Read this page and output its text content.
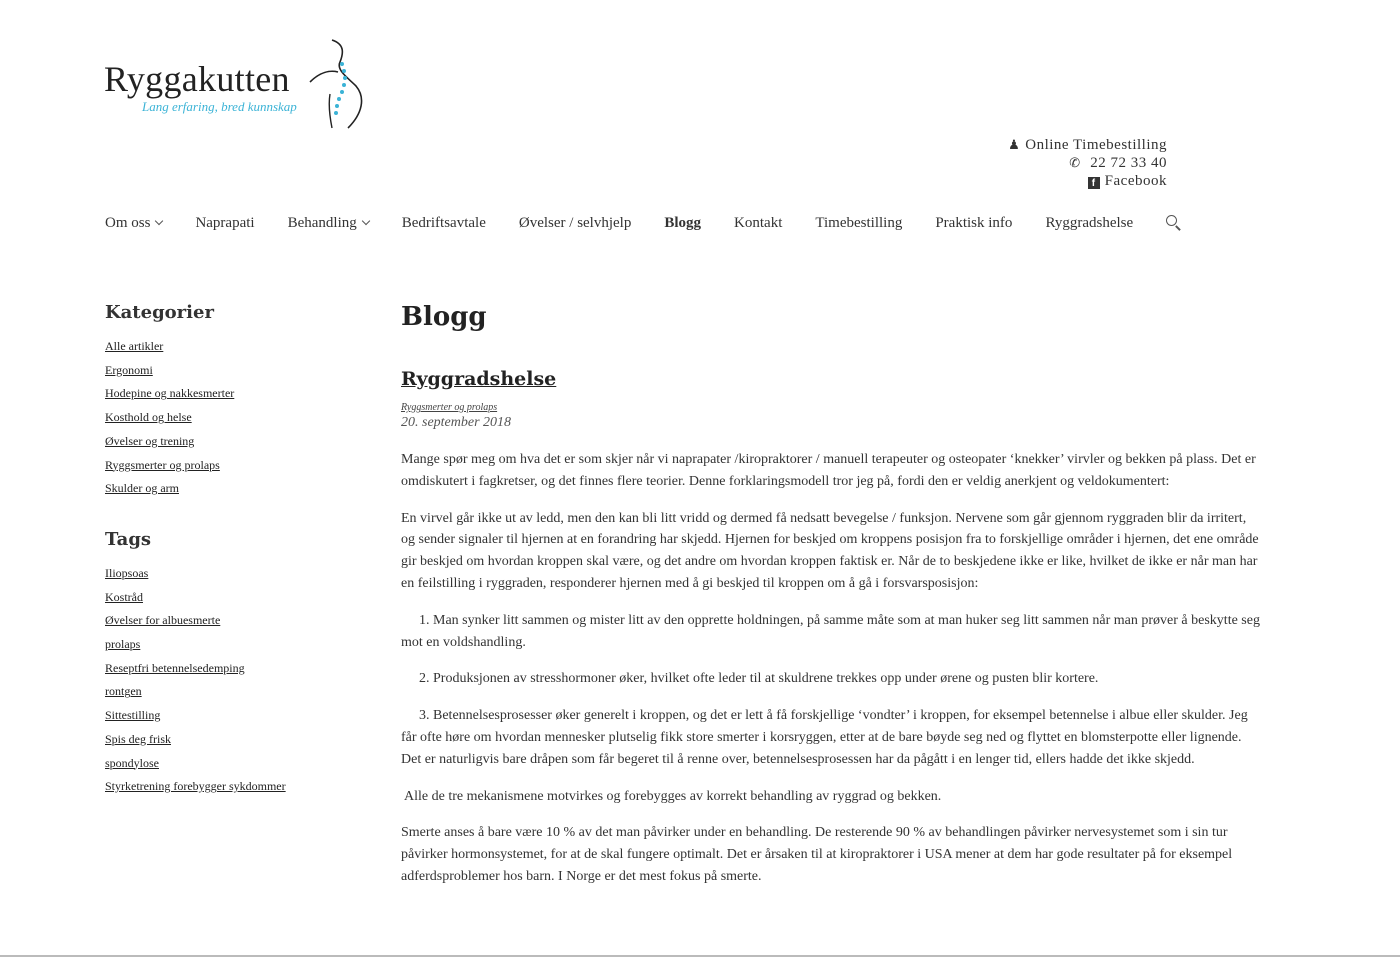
Ryggakutten
Lang erfaring, bred kunnskap
♟ Online Timebestilling
✆ 22 72 33 40
f Facebook
Om oss	Naprapati Behandling	Bedriftsavtale Øvelser / selvhjelp Blogg Kontakt Timebestilling Praktisk info Ryggradshelse
Kategorier
Alle artikler
Ergonomi
Hodepine og nakkesmerter
Kosthold og helse
Øvelser og trening
Ryggsmerter og prolaps
Skulder og arm
Tags
Iliopsoas
Kostråd
Øvelser for albuesmerte
prolaps
Reseptfri betennelsedemping
rontgen
Sittestilling
Spis deg frisk
spondylose
Styrketrening forebygger sykdommer
Blogg
Ryggradshelse
Ryggsmerter og prolaps
20. september 2018

Mange spør meg om hva det er som skjer når vi naprapater /kiropraktorer / manuell terapeuter og osteopater ‘knekker’ virvler og bekken på plass. Det er omdiskutert i fagkretser, og det finnes flere teorier. Denne forklaringsmodell tror jeg på, fordi den er veldig anerkjent og veldokumentert:

En virvel går ikke ut av ledd, men den kan bli litt vridd og dermed få nedsatt bevegelse / funksjon. Nervene som går gjennom ryggraden blir da irritert, og sender signaler til hjernen at en forandring har skjedd. Hjernen for beskjed om kroppens posisjon fra to forskjellige områder i hjernen, det ene område gir beskjed om hvordan kroppen skal være, og det andre om hvordan kroppen faktisk er. Når de to beskjedene ikke er like, hvilket de ikke er når man har en feilstilling i ryggraden, responderer hjernen med å gi beskjed til kroppen om å gå i forsvarsposisjon:

1. Man synker litt sammen og mister litt av den opprette holdningen, på samme måte som at man huker seg litt sammen når man prøver å beskytte seg mot en voldshandling.

2. Produksjonen av stresshormoner øker, hvilket ofte leder til at skuldrene trekkes opp under ørene og pusten blir kortere.

3. Betennelsesprosesser øker generelt i kroppen, og det er lett å få forskjellige ‘vondter’ i kroppen, for eksempel betennelse i albue eller skulder. Jeg får ofte høre om hvordan mennesker plutselig fikk store smerter i korsryggen, etter at de bare bøyde seg ned og flyttet en blomsterpotte eller lignende. Det er naturligvis bare dråpen som får begeret til å renne over, betennelsesprosessen har da pågått i en lenger tid, ellers hadde det ikke skjedd.

Alle de tre mekanismene motvirkes og forebygges av korrekt behandling av ryggrad og bekken.

Smerte anses å bare være 10 % av det man påvirker under en behandling. De resterende 90 % av behandlingen påvirker nervesystemet som i sin tur påvirker hormonsystemet, for at de skal fungere optimalt. Det er årsaken til at kiropraktorer i USA mener at dem har gode resultater på for eksempel adferdsproblemer hos barn. I Norge er det mest fokus på smerte.
